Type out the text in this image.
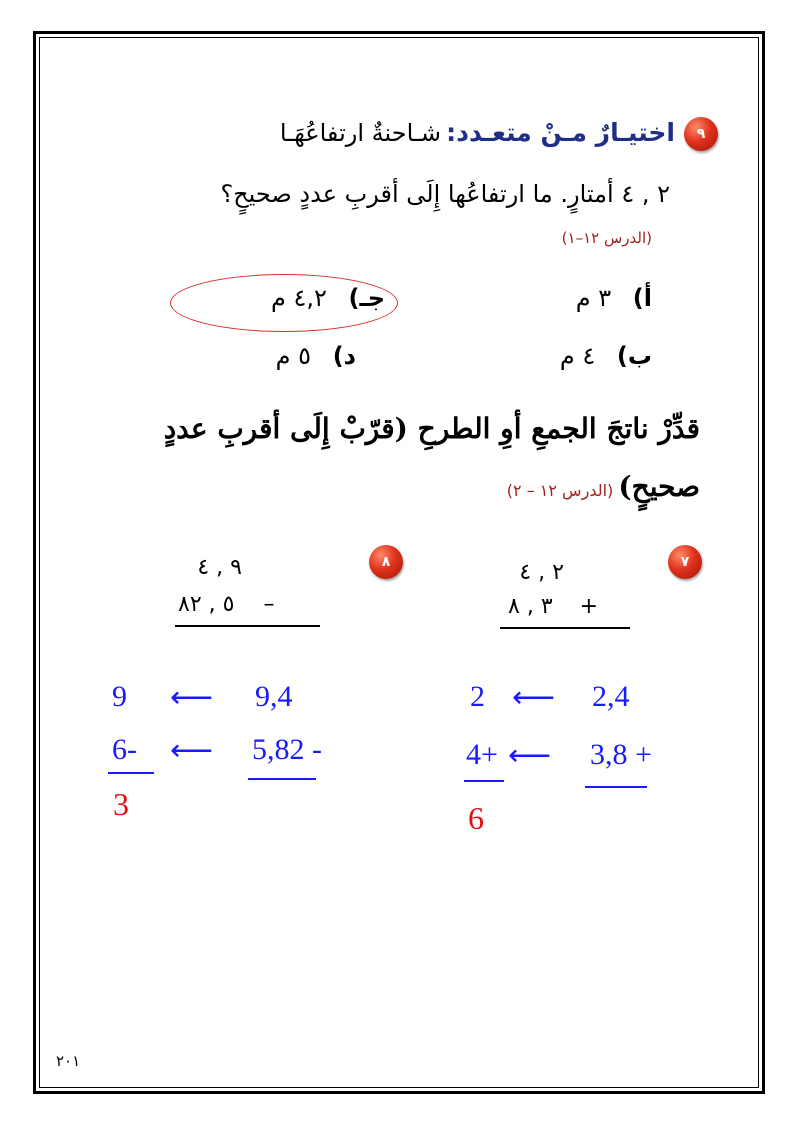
٩
اختيـارٌ مـنْ متعـدد: شـاحنةٌ ارتفاعُهَـا
٢ , ٤ أمتارٍ. ما ارتفاعُها إِلَى أقربِ عددٍ صحيحٍ؟
(الدرس ١٢–١)
أ) ٣ م
جـ) ٤,٢ م
ب) ٤ م
د) ٥ م
قدِّرْ ناتجَ الجمعِ أوِ الطرحِ (قرّبْ إِلَى أقربِ عددٍ
صحيحٍ) (الدرس ١٢ – ٢)
٨
٩ , ٤
٥ , ٨٢ –
٧
٢ , ٤
٣ , ٨ +
9 ⟵ 9,4
6- ⟵ 5,82 -
3
2 ⟵ 2,4
4+ ⟵ 3,8 +
6
٢٠١
